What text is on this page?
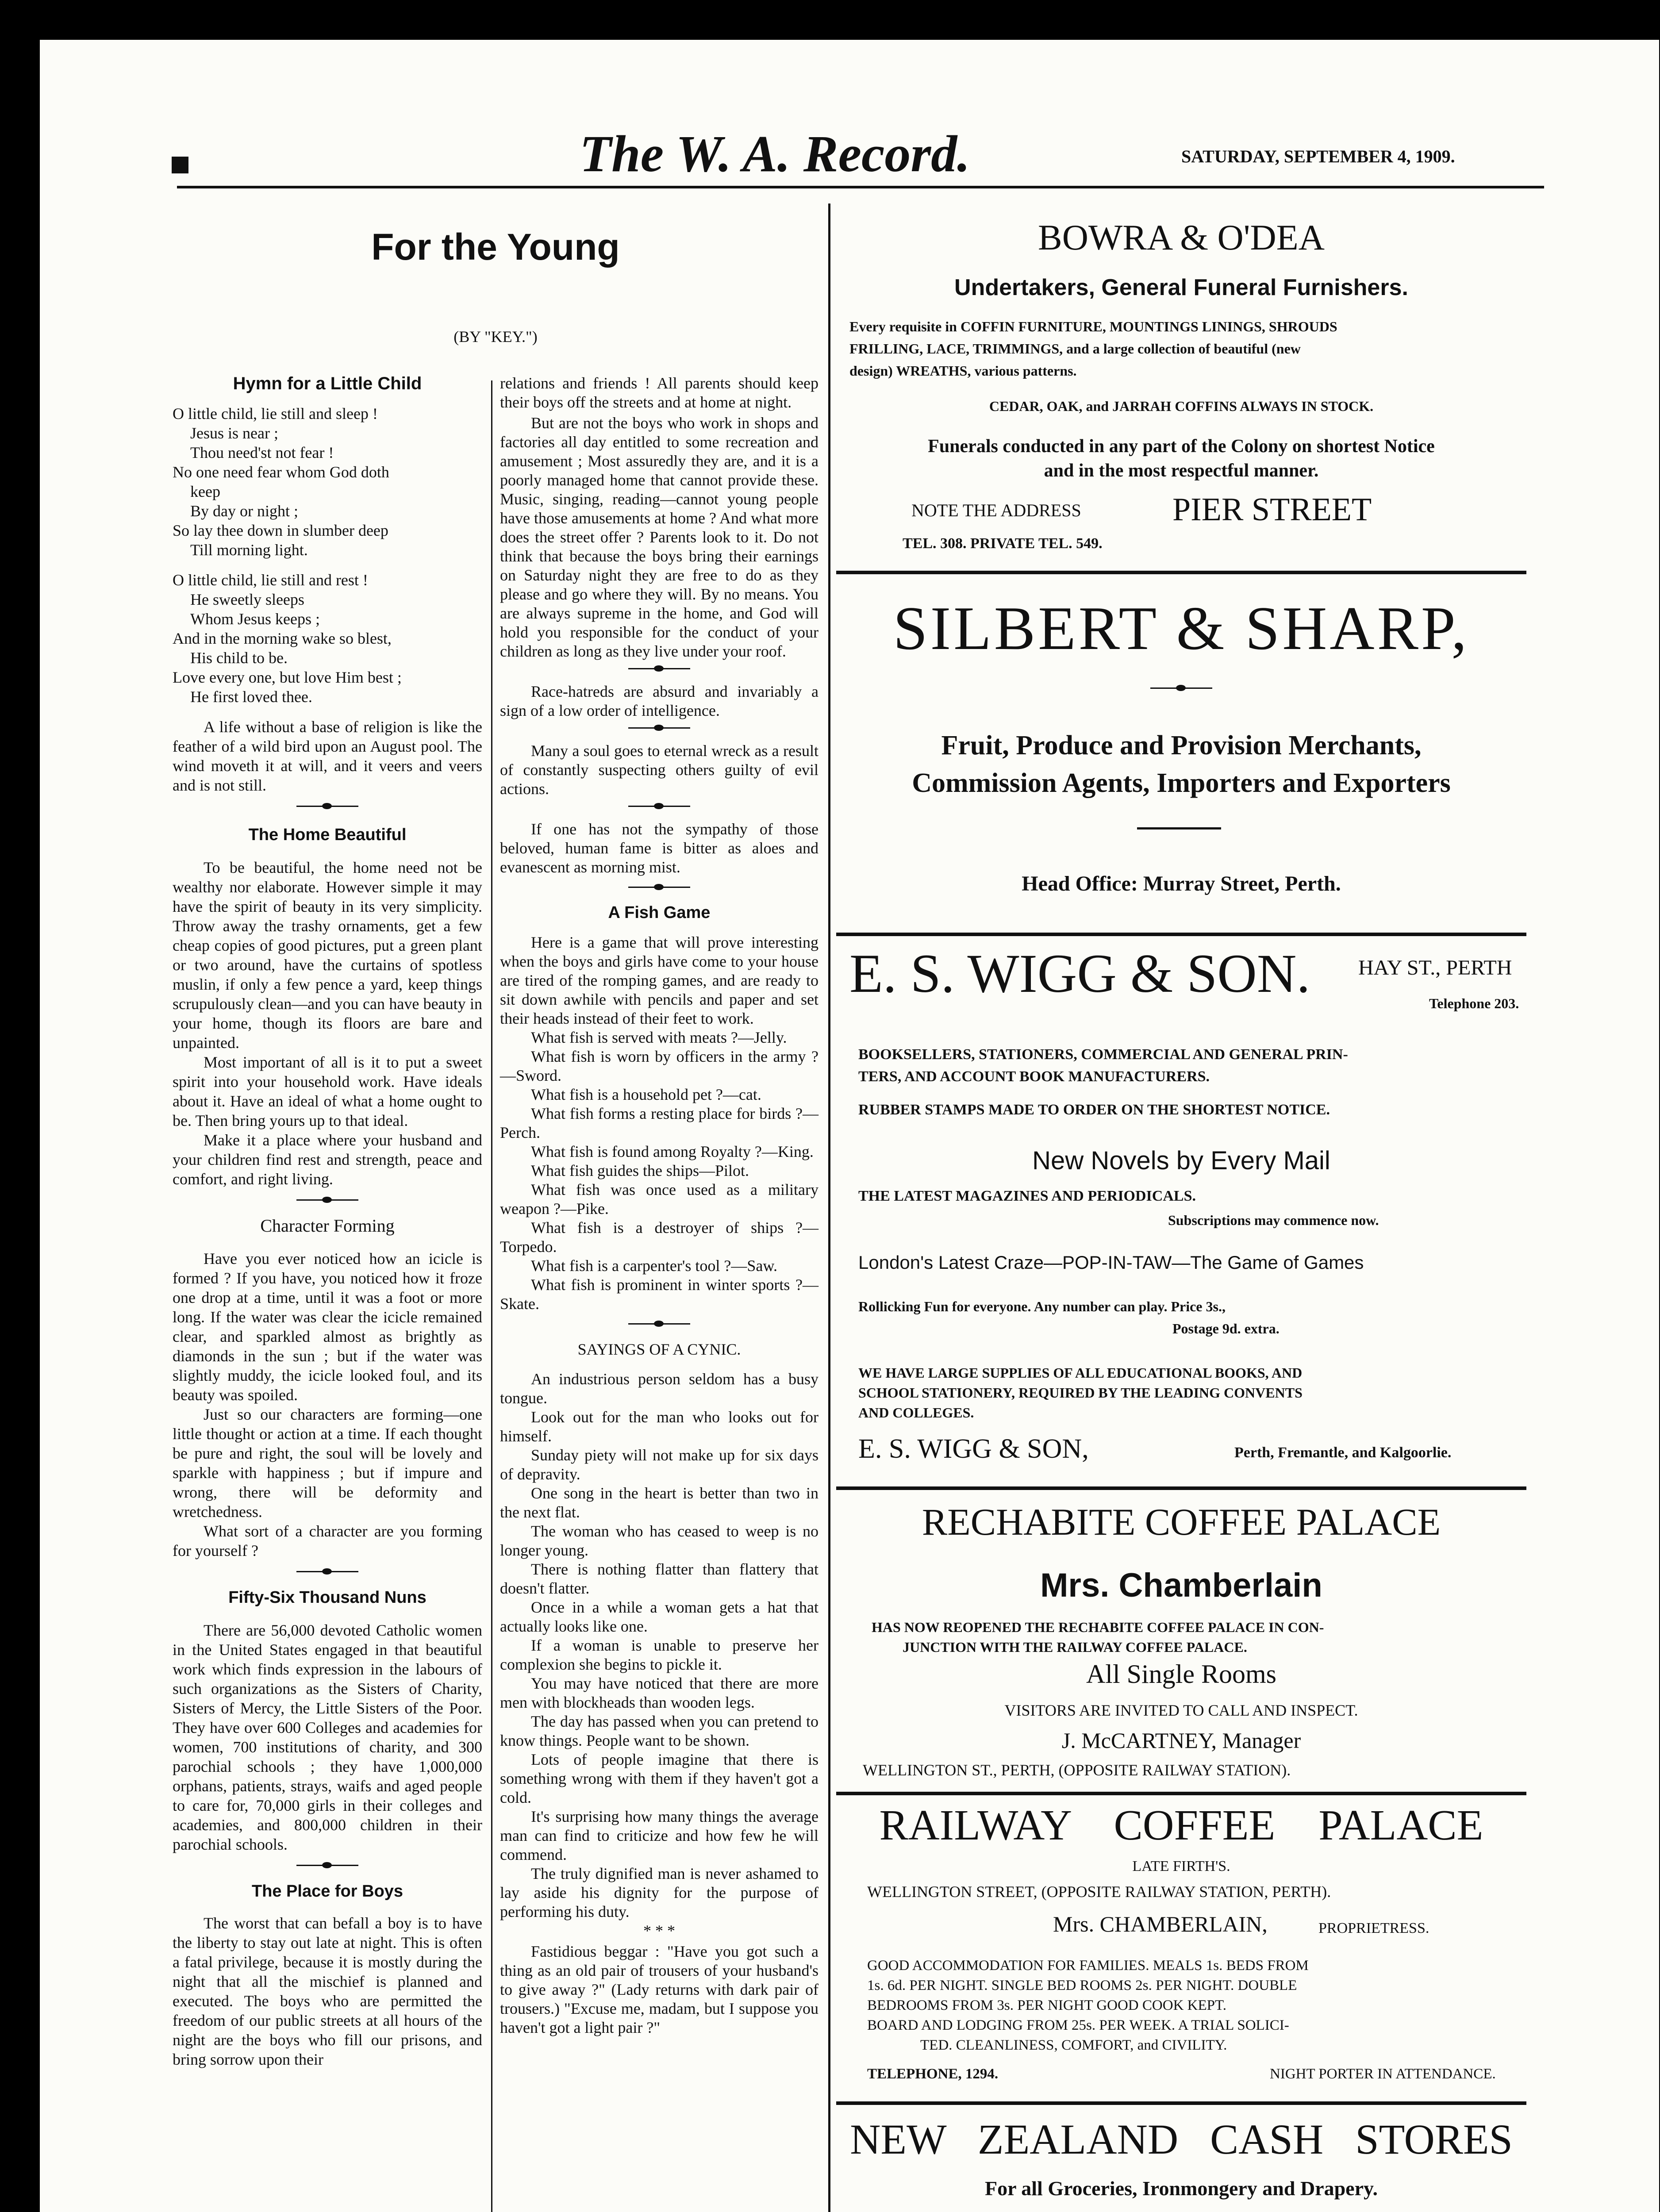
The W. A. Record.	SATURDAY, SEPTEMBER 4, 1909.
For the Young
(BY "KEY.")
Hymn for a Little Child
O little child, lie still and sleep !
Jesus is near ;
Thou need'st not fear !
No one need fear whom God doth
keep
By day or night ;
So lay thee down in slumber deep
Till morning light.
O little child, lie still and rest !
He sweetly sleeps
Whom Jesus keeps ;
And in the morning wake so blest,
His child to be.
Love every one, but love Him best ;
He first loved thee.

A life without a base of religion is like the feather of a wild bird upon an August pool. The wind moveth it at will, and it veers and veers and is not still.

The Home Beautiful

To be beautiful, the home need not be wealthy nor elaborate. However simple it may have the spirit of beauty in its very simplicity. Throw away the trashy ornaments, get a few cheap copies of good pictures, put a green plant or two around, have the curtains of spotless muslin, if only a few pence a yard, keep things scrupulously clean—and you can have beauty in your home, though its floors are bare and unpainted.

Most important of all is it to put a sweet spirit into your household work. Have ideals about it. Have an ideal of what a home ought to be. Then bring yours up to that ideal.

Make it a place where your husband and your children find rest and strength, peace and comfort, and right living.

Character Forming

Have you ever noticed how an icicle is formed ? If you have, you noticed how it froze one drop at a time, until it was a foot or more long. If the water was clear the icicle remained clear, and sparkled almost as brightly as diamonds in the sun ; but if the water was slightly muddy, the icicle looked foul, and its beauty was spoiled.

Just so our characters are forming—one little thought or action at a time. If each thought be pure and right, the soul will be lovely and sparkle with happiness ; but if impure and wrong, there will be deformity and wretchedness.

What sort of a character are you forming for yourself ?

Fifty-Six Thousand Nuns

There are 56,000 devoted Catholic women in the United States engaged in that beautiful work which finds expression in the labours of such organizations as the Sisters of Charity, Sisters of Mercy, the Little Sisters of the Poor. They have over 600 Colleges and academies for women, 700 institutions of charity, and 300 parochial schools ; they have 1,000,000 orphans, patients, strays, waifs and aged people to care for, 70,000 girls in their colleges and academies, and 800,000 children in their parochial schools.

The Place for Boys

The worst that can befall a boy is to have the liberty to stay out late at night. This is often a fatal privilege, because it is mostly during the night that all the mischief is planned and executed. The boys who are permitted the freedom of our public streets at all hours of the night are the boys who fill our prisons, and bring sorrow upon their

relations and friends ! All parents should keep their boys off the streets and at home at night.

But are not the boys who work in shops and factories all day entitled to some recreation and amusement ; Most assuredly they are, and it is a poorly managed home that cannot provide these. Music, singing, reading—cannot young people have those amusements at home ? And what more does the street offer ? Parents look to it. Do not think that because the boys bring their earnings on Saturday night they are free to do as they please and go where they will. By no means. You are always supreme in the home, and God will hold you responsible for the conduct of your children as long as they live under your roof.

Race-hatreds are absurd and invariably a sign of a low order of intelligence.

Many a soul goes to eternal wreck as a result of constantly suspecting others guilty of evil actions.

If one has not the sympathy of those beloved, human fame is bitter as aloes and evanescent as morning mist.

A Fish Game

Here is a game that will prove interesting when the boys and girls have come to your house are tired of the romping games, and are ready to sit down awhile with pencils and paper and set their heads instead of their feet to work.

What fish is served with meats ?—Jelly.

What fish is worn by officers in the army ?—Sword.

What fish is a household pet ?—cat.

What fish forms a resting place for birds ?—Perch.

What fish is found among Royalty ?—King.

What fish guides the ships—Pilot.

What fish was once used as a military weapon ?—Pike.

What fish is a destroyer of ships ?—Torpedo.

What fish is a carpenter's tool ?—Saw.

What fish is prominent in winter sports ?—Skate.

SAYINGS OF A CYNIC.

An industrious person seldom has a busy tongue.

Look out for the man who looks out for himself.

Sunday piety will not make up for six days of depravity.

One song in the heart is better than two in the next flat.

The woman who has ceased to weep is no longer young.

There is nothing flatter than flattery that doesn't flatter.

Once in a while a woman gets a hat that actually looks like one.

If a woman is unable to preserve her complexion she begins to pickle it.

You may have noticed that there are more men with blockheads than wooden legs.

The day has passed when you can pretend to know things. People want to be shown.

Lots of people imagine that there is something wrong with them if they haven't got a cold.

It's surprising how many things the average man can find to criticize and how few he will commend.

The truly dignified man is never ashamed to lay aside his dignity for the purpose of performing his duty.

* * *

Fastidious beggar : "Have you got such a thing as an old pair of trousers of your husband's to give away ?" (Lady returns with dark pair of trousers.) "Excuse me, madam, but I suppose you haven't got a light pair ?"

BOWRA & O'DEA
Undertakers, General Funeral Furnishers.
Every requisite in COFFIN FURNITURE, MOUNTINGS LININGS, SHROUDS
FRILLING, LACE, TRIMMINGS, and a large collection of beautiful (new
design) WREATHS, various patterns.
CEDAR, OAK, and JARRAH COFFINS ALWAYS IN STOCK.
Funerals conducted in any part of the Colony on shortest Notice
and in the most respectful manner.
NOTE THE ADDRESS	PIER STREET
TEL. 308. PRIVATE TEL. 549.
SILBERT & SHARP,
Fruit, Produce and Provision Merchants,
Commission Agents, Importers and Exporters
Head Office: Murray Street, Perth.
E. S. WIGG & SON. HAY ST., PERTH
Telephone 203.
BOOKSELLERS, STATIONERS, COMMERCIAL AND GENERAL PRIN-
TERS, AND ACCOUNT BOOK MANUFACTURERS.
RUBBER STAMPS MADE TO ORDER ON THE SHORTEST NOTICE.
New Novels by Every Mail
THE LATEST MAGAZINES AND PERIODICALS.
Subscriptions may commence now.
London's Latest Craze—POP-IN-TAW—The Game of Games
Rollicking Fun for everyone. Any number can play. Price 3s.,
Postage 9d. extra.
WE HAVE LARGE SUPPLIES OF ALL EDUCATIONAL BOOKS, AND
SCHOOL STATIONERY, REQUIRED BY THE LEADING CONVENTS
AND COLLEGES.
E. S. WIGG & SON,	Perth, Fremantle, and Kalgoorlie.
RECHABITE COFFEE PALACE
Mrs. Chamberlain
HAS NOW REOPENED THE RECHABITE COFFEE PALACE IN CON-
JUNCTION WITH THE RAILWAY COFFEE PALACE.
All Single Rooms
VISITORS ARE INVITED TO CALL AND INSPECT.
J. McCARTNEY, Manager
WELLINGTON ST., PERTH, (OPPOSITE RAILWAY STATION).
RAILWAY    COFFEE    PALACE
LATE FIRTH'S.
WELLINGTON STREET, (OPPOSITE RAILWAY STATION, PERTH).
Mrs. CHAMBERLAIN,	PROPRIETRESS.
GOOD ACCOMMODATION FOR FAMILIES. MEALS 1s. BEDS FROM
1s. 6d. PER NIGHT. SINGLE BED ROOMS 2s. PER NIGHT. DOUBLE
BEDROOMS FROM 3s. PER NIGHT GOOD COOK KEPT.
BOARD AND LODGING FROM 25s. PER WEEK. A TRIAL SOLICI-
TED. CLEANLINESS, COMFORT, and CIVILITY.
TELEPHONE, 1294.	NIGHT PORTER IN ATTENDANCE.
NEW   ZEALAND   CASH   STORES
For all Groceries, Ironmongery and Drapery.
